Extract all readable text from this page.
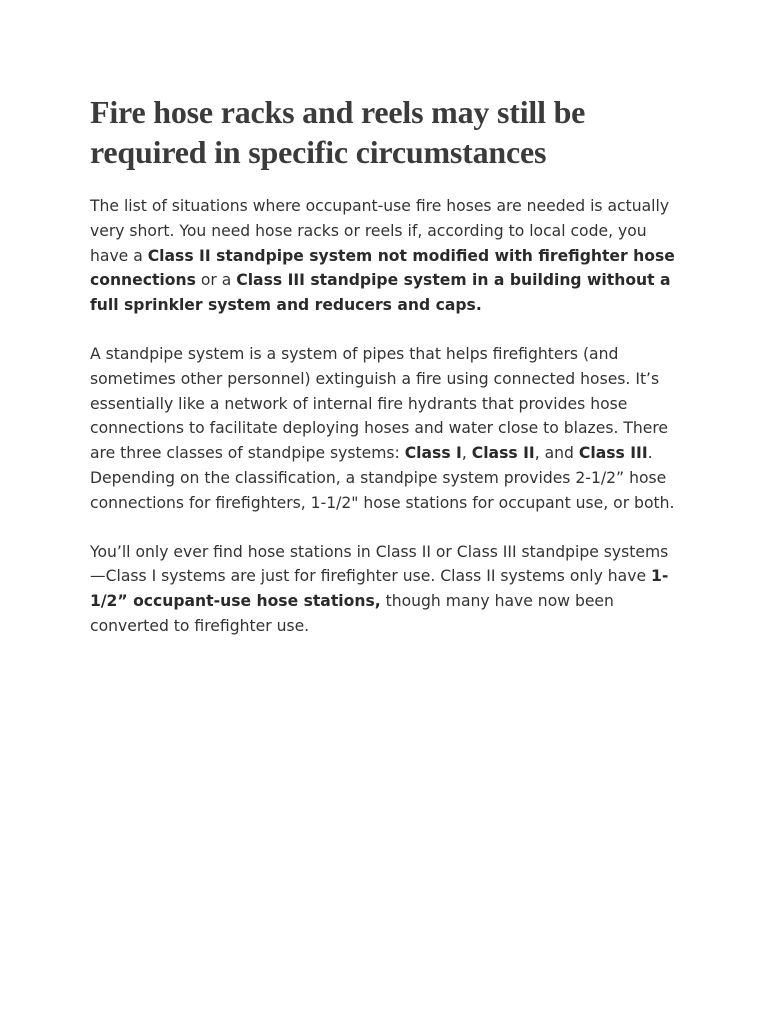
Fire hose racks and reels may still be required in specific circumstances

The list of situations where occupant-use fire hoses are needed is actually very short. You need hose racks or reels if, according to local code, you have a Class II standpipe system not modified with firefighter hose connections or a Class III standpipe system in a building without a full sprinkler system and reducers and caps.

A standpipe system is a system of pipes that helps firefighters (and sometimes other personnel) extinguish a fire using connected hoses. It’s essentially like a network of internal fire hydrants that provides hose connections to facilitate deploying hoses and water close to blazes. There are three classes of standpipe systems: Class I, Class II, and Class III. Depending on the classification, a standpipe system provides 2-1/2” hose connections for firefighters, 1-1/2" hose stations for occupant use, or both.

You’ll only ever find hose stations in Class II or Class III standpipe systems—Class I systems are just for firefighter use. Class II systems only have 1-1/2” occupant-use hose stations, though many have now been converted to firefighter use.
